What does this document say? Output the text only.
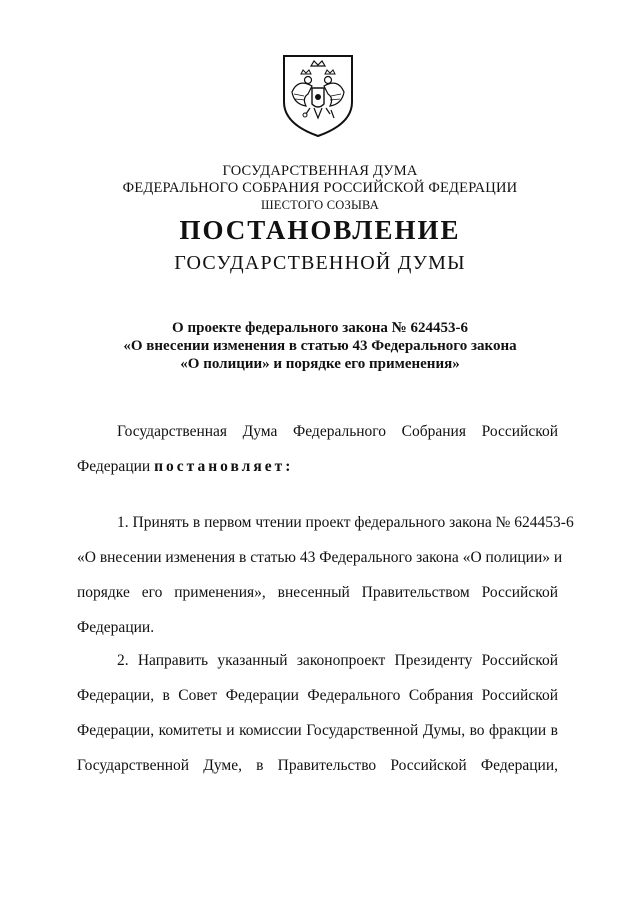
ГОСУДАРСТВЕННАЯ ДУМА
ФЕДЕРАЛЬНОГО СОБРАНИЯ РОССИЙСКОЙ ФЕДЕРАЦИИ
ШЕСТОГО СОЗЫВА
ПОСТАНОВЛЕНИЕ
ГОСУДАРСТВЕННОЙ ДУМЫ
О проекте федерального закона № 624453-6
«О внесении изменения в статью 43 Федерального закона
«О полиции» и порядке его применения»
Государственная Дума Федерального Собрания Российской
Федерации постановляет:
1. Принять в первом чтении проект федерального закона № 624453-6
«О внесении изменения в статью 43 Федерального закона «О полиции» и
порядке его применения», внесенный Правительством Российской
Федерации.
2. Направить указанный законопроект Президенту Российской
Федерации, в Совет Федерации Федерального Собрания Российской
Федерации, комитеты и комиссии Государственной Думы, во фракции в
Государственной Думе, в Правительство Российской Федерации,
